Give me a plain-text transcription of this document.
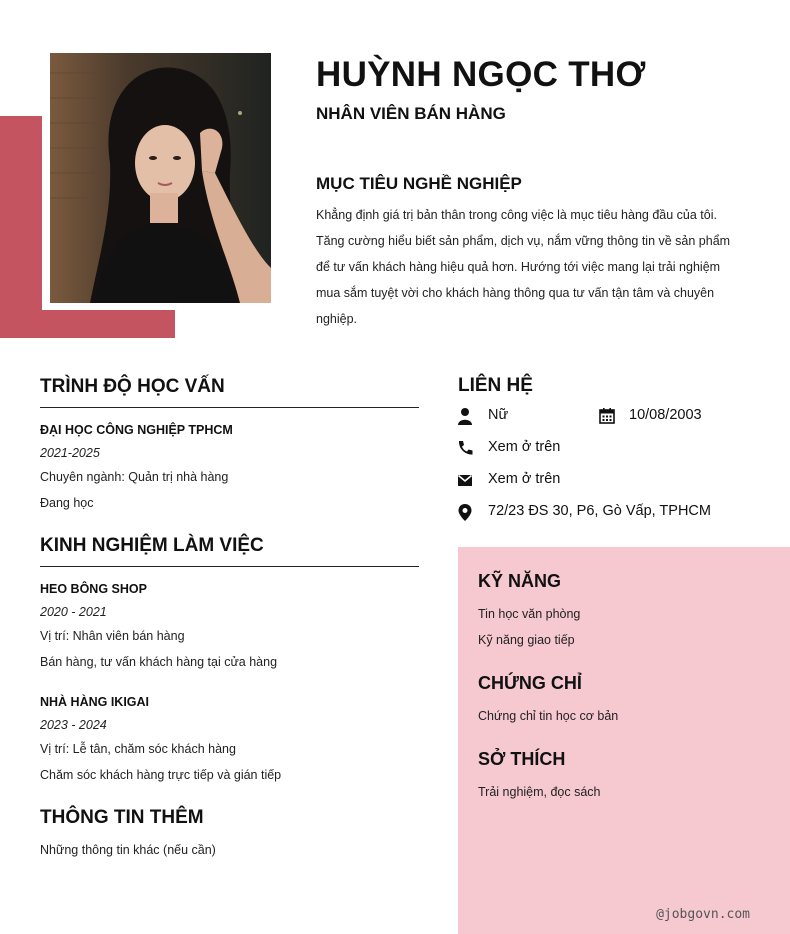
HUỲNH NGỌC THƠ
NHÂN VIÊN BÁN HÀNG
MỤC TIÊU NGHỀ NGHIỆP
Khẳng định giá trị bản thân trong công việc là mục tiêu hàng đầu của tôi.
Tăng cường hiểu biết sản phẩm, dịch vụ, nắm vững thông tin về sản phẩm
để tư vấn khách hàng hiệu quả hơn. Hướng tới việc mang lại trải nghiệm
mua sắm tuyệt vời cho khách hàng thông qua tư vấn tận tâm và chuyên
nghiệp.
TRÌNH ĐỘ HỌC VẤN
ĐẠI HỌC CÔNG NGHIỆP TPHCM
2021-2025
Chuyên ngành: Quản trị nhà hàng
Đang học
KINH NGHIỆM LÀM VIỆC
HEO BÔNG SHOP
2020 - 2021
Vị trí: Nhân viên bán hàng
Bán hàng, tư vấn khách hàng tại cửa hàng
NHÀ HÀNG IKIGAI
2023 - 2024
Vị trí: Lễ tân, chăm sóc khách hàng
Chăm sóc khách hàng trực tiếp và gián tiếp
THÔNG TIN THÊM
Những thông tin khác (nếu cần)
LIÊN HỆ
Nữ	10/08/2003
Xem ở trên
Xem ở trên
72/23 ĐS 30, P6, Gò Vấp, TPHCM
KỸ NĂNG
Tin học văn phòng
Kỹ năng giao tiếp
CHỨNG CHỈ
Chứng chỉ tin học cơ bản
SỞ THÍCH
Trải nghiệm, đọc sách
@jobgovn.com
